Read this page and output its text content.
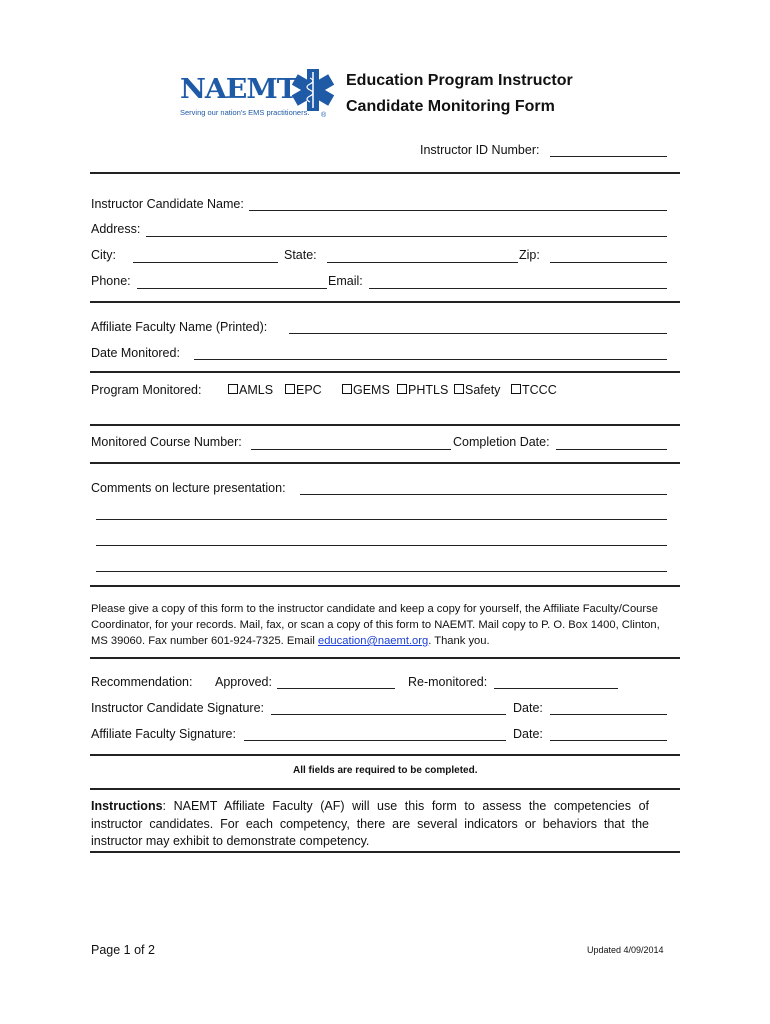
NAEMT
Serving our nation's EMS practitioners. ®
Education Program Instructor
Candidate Monitoring Form
Instructor ID Number:
Instructor Candidate Name:
Address:
City:	State:	Zip:
Phone:	Email:
Affiliate Faculty Name (Printed):
Date Monitored:
Program Monitored:	AMLS	EPC	GEMS	PHTLS	Safety	TCCC
Monitored Course Number:	Completion Date:
Comments on lecture presentation:
Please give a copy of this form to the instructor candidate and keep a copy for yourself, the Affiliate Faculty/Course
Coordinator, for your records. Mail, fax, or scan a copy of this form to NAEMT. Mail copy to P. O. Box 1400, Clinton,
MS 39060. Fax number 601-924-7325. Email education@naemt.org. Thank you.
Recommendation: Approved:	Re-monitored:
Instructor Candidate Signature:	Date:
Affiliate Faculty Signature:	Date:
All fields are required to be completed.
Instructions: NAEMT Affiliate Faculty (AF) will use this form to assess the competencies of
instructor candidates. For each competency, there are several indicators or behaviors that the
instructor may exhibit to demonstrate competency.
Page 1 of 2	Updated 4/09/2014
